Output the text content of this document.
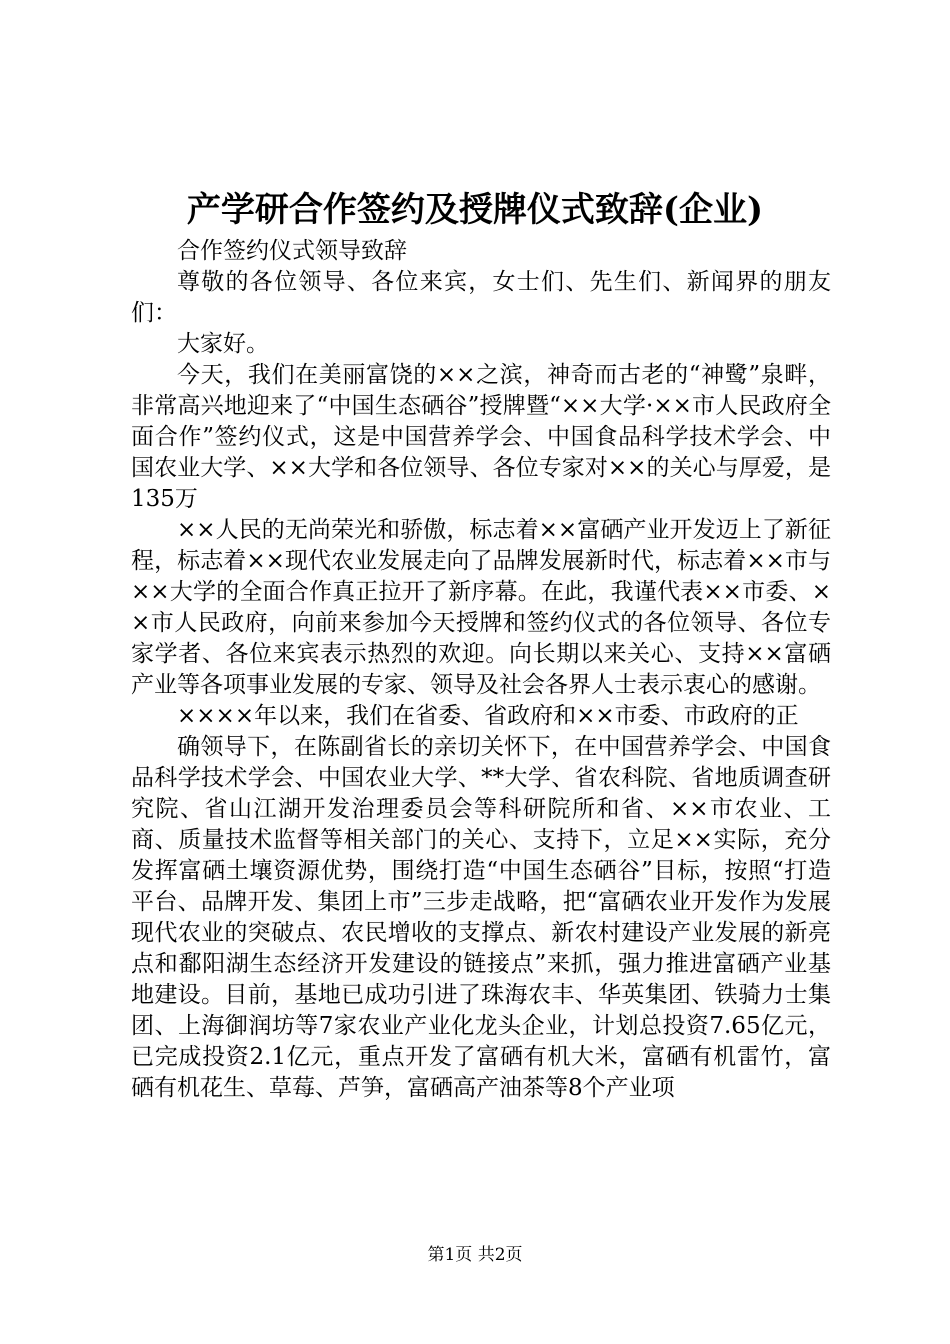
产学研合作签约及授牌仪式致辞(企业)

合作签约仪式领导致辞

尊敬的各位领导、各位来宾，女士们、先生们、新闻界的朋友们：

大家好。

今天，我们在美丽富饶的××之滨，神奇而古老的“神鹭”泉畔，非常高兴地迎来了“中国生态硒谷”授牌暨“××大学·××市人民政府全面合作”签约仪式，这是中国营养学会、中国食品科学技术学会、中国农业大学、××大学和各位领导、各位专家对××的关心与厚爱，是135万

××人民的无尚荣光和骄傲，标志着××富硒产业开发迈上了新征程，标志着××现代农业发展走向了品牌发展新时代，标志着××市与××大学的全面合作真正拉开了新序幕。在此，我谨代表××市委、××市人民政府，向前来参加今天授牌和签约仪式的各位领导、各位专家学者、各位来宾表示热烈的欢迎。向长期以来关心、支持××富硒产业等各项事业发展的专家、领导及社会各界人士表示衷心的感谢。

××××年以来，我们在省委、省政府和××市委、市政府的正

确领导下，在陈副省长的亲切关怀下，在中国营养学会、中国食品科学技术学会、中国农业大学、**大学、省农科院、省地质调查研究院、省山江湖开发治理委员会等科研院所和省、××市农业、工商、质量技术监督等相关部门的关心、支持下，立足××实际，充分发挥富硒土壤资源优势，围绕打造“中国生态硒谷”目标，按照“打造平台、品牌开发、集团上市”三步走战略，把“富硒农业开发作为发展现代农业的突破点、农民增收的支撑点、新农村建设产业发展的新亮点和鄱阳湖生态经济开发建设的链接点”来抓，强力推进富硒产业基地建设。目前，基地已成功引进了珠海农丰、华英集团、铁骑力士集团、上海御润坊等7家农业产业化龙头企业，计划总投资7.65亿元，已完成投资2.1亿元，重点开发了富硒有机大米，富硒有机雷竹，富硒有机花生、草莓、芦笋，富硒高产油茶等8个产业项

第1页 共2页
